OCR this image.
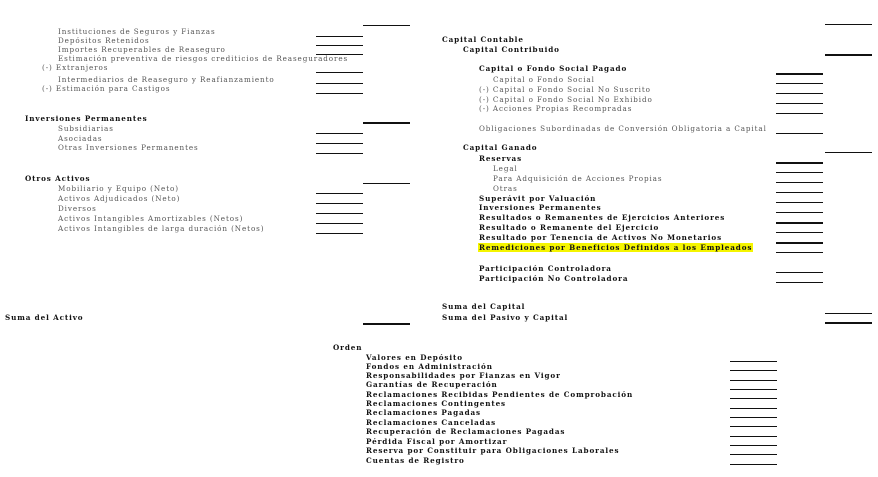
Instituciones de Seguros y Fianzas
Depósitos Retenidos
Importes Recuperables de Reaseguro
Estimación preventiva de riesgos crediticios de Reaseguradores
(-) Extranjeros
Intermediarios de Reaseguro y Reafianzamiento
(-) Estimación para Castigos
Inversiones Permanentes
Subsidiarias
Asociadas
Otras Inversiones Permanentes
Otros Activos
Mobiliario y Equipo (Neto)
Activos Adjudicados (Neto)
Diversos
Activos Intangibles Amortizables (Netos)
Activos Intangibles de larga duración (Netos)
Suma del Activo
Capital Contable
Capital Contribuido
Capital o Fondo Social Pagado
Capital o Fondo Social
(-) Capital o Fondo Social No Suscrito
(-) Capital o Fondo Social No Exhibido
(-) Acciones Propias Recompradas
Obligaciones Subordinadas de Conversión Obligatoria a Capital
Capital Ganado
Reservas
Legal
Para Adquisición de Acciones Propias
Otras
Superávit por Valuación
Inversiones Permanentes
Resultados o Remanentes de Ejercicios Anteriores
Resultado o Remanente del Ejercicio
Resultado por Tenencia de Activos No Monetarios
Remediciones por Beneficios Definidos a los Empleados
Participación Controladora
Participación No Controladora
Suma del Capital
Suma del Pasivo y Capital
Orden
Valores en Depósito
Fondos en Administración
Responsabilidades por Fianzas en Vigor
Garantías de Recuperación
Reclamaciones Recibidas Pendientes de Comprobación
Reclamaciones Contingentes
Reclamaciones Pagadas
Reclamaciones Canceladas
Recuperación de Reclamaciones Pagadas
Pérdida Fiscal por Amortizar
Reserva por Constituir para Obligaciones Laborales
Cuentas de Registro
